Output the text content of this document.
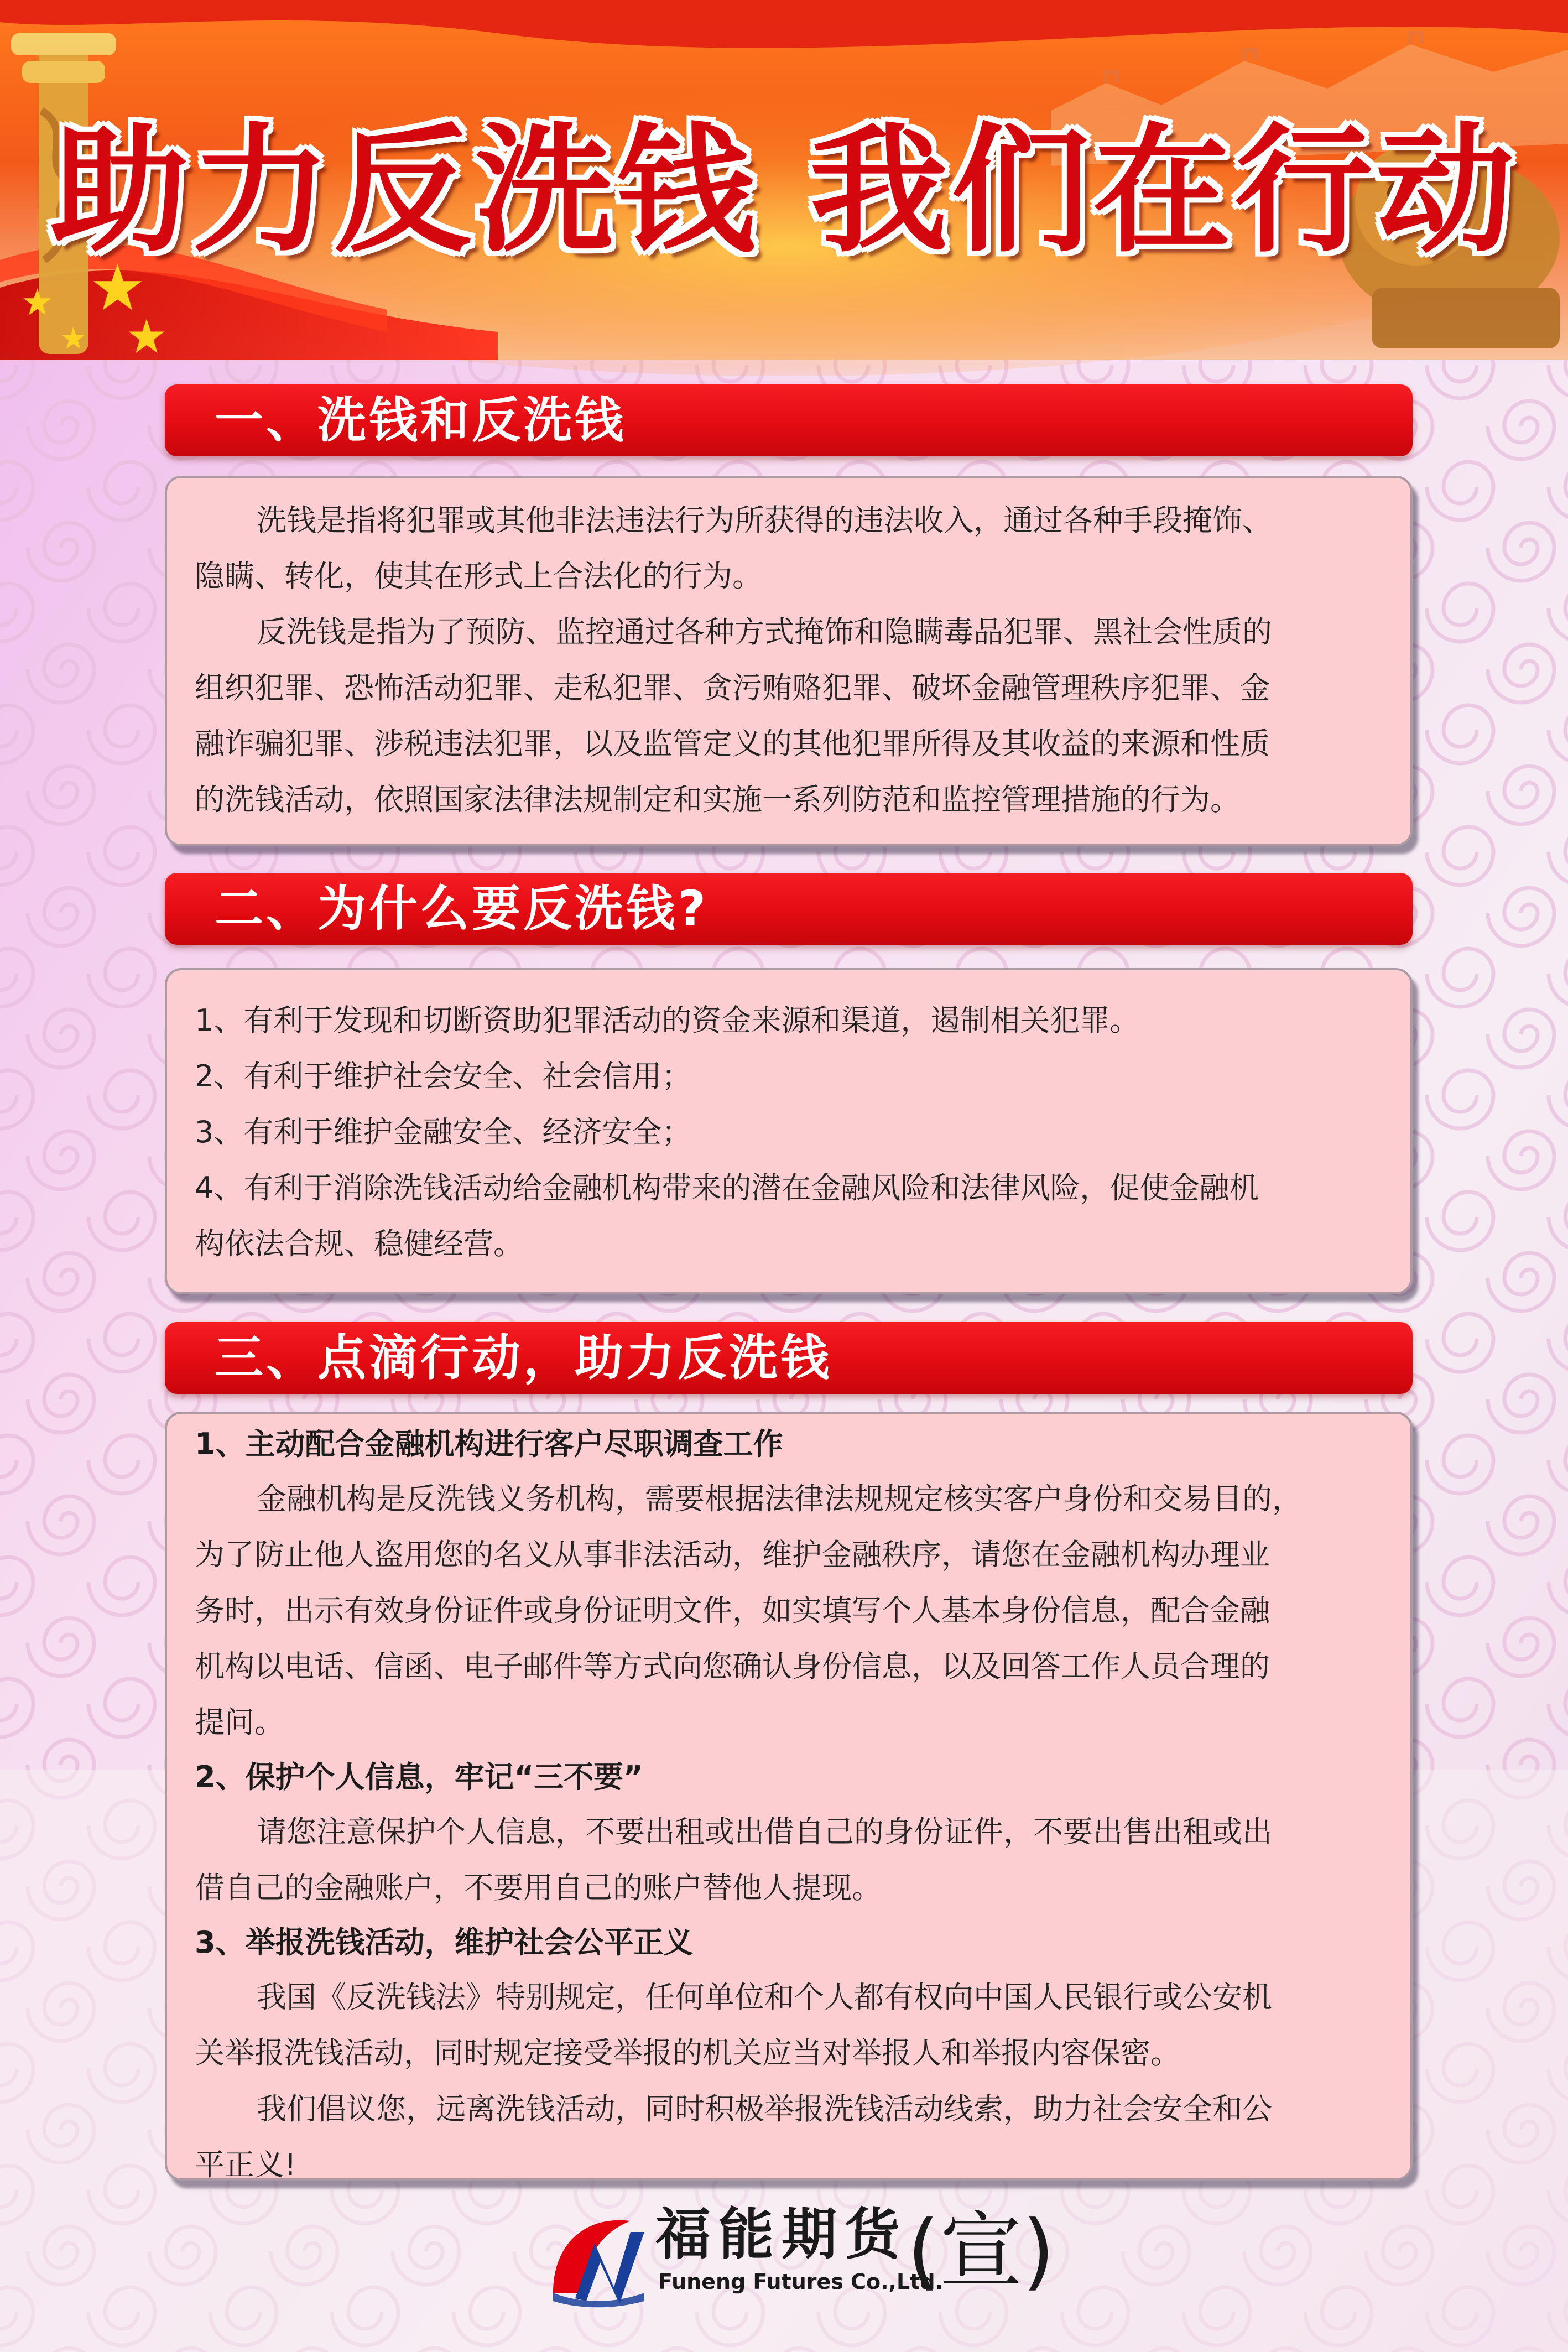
助力反洗钱 我们在行动
一、洗钱和反洗钱

洗钱是指将犯罪或其他非法违法行为所获得的违法收入，通过各种手段掩饰、

隐瞒、转化，使其在形式上合法化的行为。

反洗钱是指为了预防、监控通过各种方式掩饰和隐瞒毒品犯罪、黑社会性质的

组织犯罪、恐怖活动犯罪、走私犯罪、贪污贿赂犯罪、破坏金融管理秩序犯罪、金

融诈骗犯罪、涉税违法犯罪，以及监管定义的其他犯罪所得及其收益的来源和性质

的洗钱活动，依照国家法律法规制定和实施一系列防范和监控管理措施的行为。

二、为什么要反洗钱?

1、有利于发现和切断资助犯罪活动的资金来源和渠道，遏制相关犯罪。

2、有利于维护社会安全、社会信用；

3、有利于维护金融安全、经济安全；

4、有利于消除洗钱活动给金融机构带来的潜在金融风险和法律风险，促使金融机

构依法合规、稳健经营。

三、点滴行动，助力反洗钱

1、主动配合金融机构进行客户尽职调查工作

金融机构是反洗钱义务机构，需要根据法律法规规定核实客户身份和交易目的，

为了防止他人盗用您的名义从事非法活动，维护金融秩序，请您在金融机构办理业

务时，出示有效身份证件或身份证明文件，如实填写个人基本身份信息，配合金融

机构以电话、信函、电子邮件等方式向您确认身份信息，以及回答工作人员合理的

提问。

2、保护个人信息，牢记“三不要”

请您注意保护个人信息，不要出租或出借自己的身份证件，不要出售出租或出

借自己的金融账户，不要用自己的账户替他人提现。

3、举报洗钱活动，维护社会公平正义

我国《反洗钱法》特别规定，任何单位和个人都有权向中国人民银行或公安机

关举报洗钱活动，同时规定接受举报的机关应当对举报人和举报内容保密。

我们倡议您，远离洗钱活动，同时积极举报洗钱活动线索，助力社会安全和公

平正义!

福能期货
Funeng Futures Co.,Ltd.
(宣)
